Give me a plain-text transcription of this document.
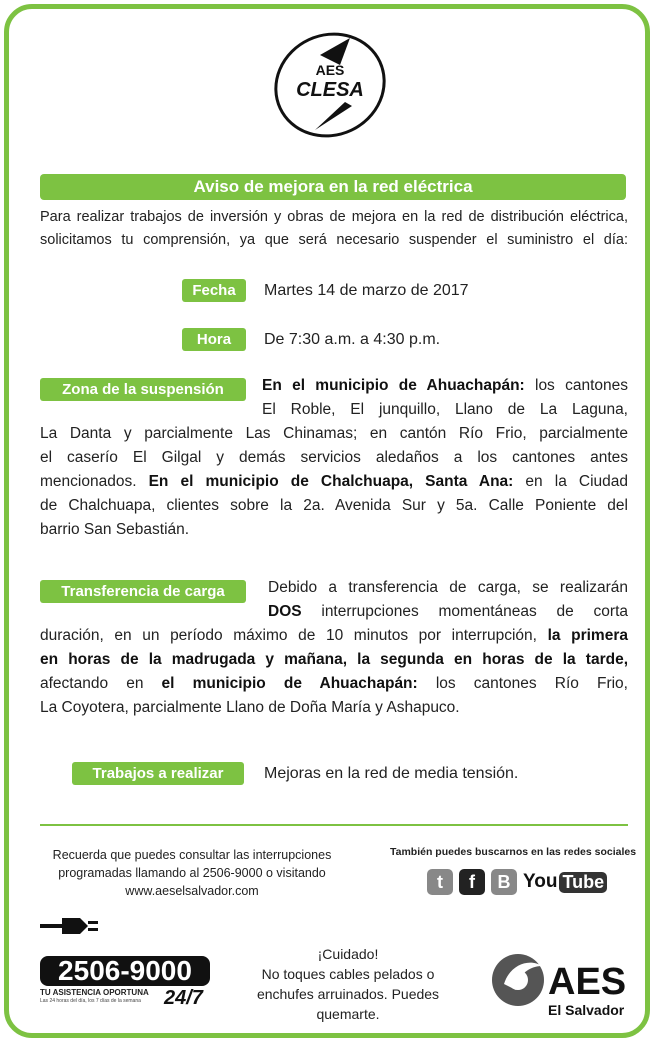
AES
CLESA
Aviso de mejora en la red eléctrica
Para realizar trabajos de inversión y obras de mejora en la red de distribución eléctrica,
solicitamos tu comprensión, ya que será necesario suspender el suministro el día:
Fecha	Martes 14 de marzo de 2017
Hora	De 7:30 a.m. a 4:30 p.m.
Zona de la suspensión	En el municipio de Ahuachapán: los cantones
El Roble, El junquillo, Llano de La Laguna,
La Danta y parcialmente Las Chinamas; en cantón Río Frio, parcialmente
el caserío El Gilgal y demás servicios aledaños a los cantones antes
mencionados. En el municipio de Chalchuapa, Santa Ana: en la Ciudad
de Chalchuapa, clientes sobre la 2a. Avenida Sur y 5a. Calle Poniente del
barrio San Sebastián.
Transferencia de carga	Debido a transferencia de carga, se realizarán
DOS interrupciones momentáneas de corta
duración, en un período máximo de 10 minutos por interrupción, la primera
en horas de la madrugada y mañana, la segunda en horas de la tarde,
afectando en el municipio de Ahuachapán: los cantones Río Frio,
La Coyotera, parcialmente Llano de Doña María y Ashapuco.
Trabajos a realizar	Mejoras en la red de media tensión.
Recuerda que puedes consultar las interrupciones
programadas llamando al 2506-9000 o visitando
www.aeselsalvador.com
También puedes buscarnos en las redes sociales
t	f	B You Tube
2506-9000
TU ASISTENCIA OPORTUNA
Las 24 horas del día, los 7 días de la semana	24/7
¡Cuidado!
No toques cables pelados o
enchufes arruinados. Puedes
quemarte.
AES
El Salvador
